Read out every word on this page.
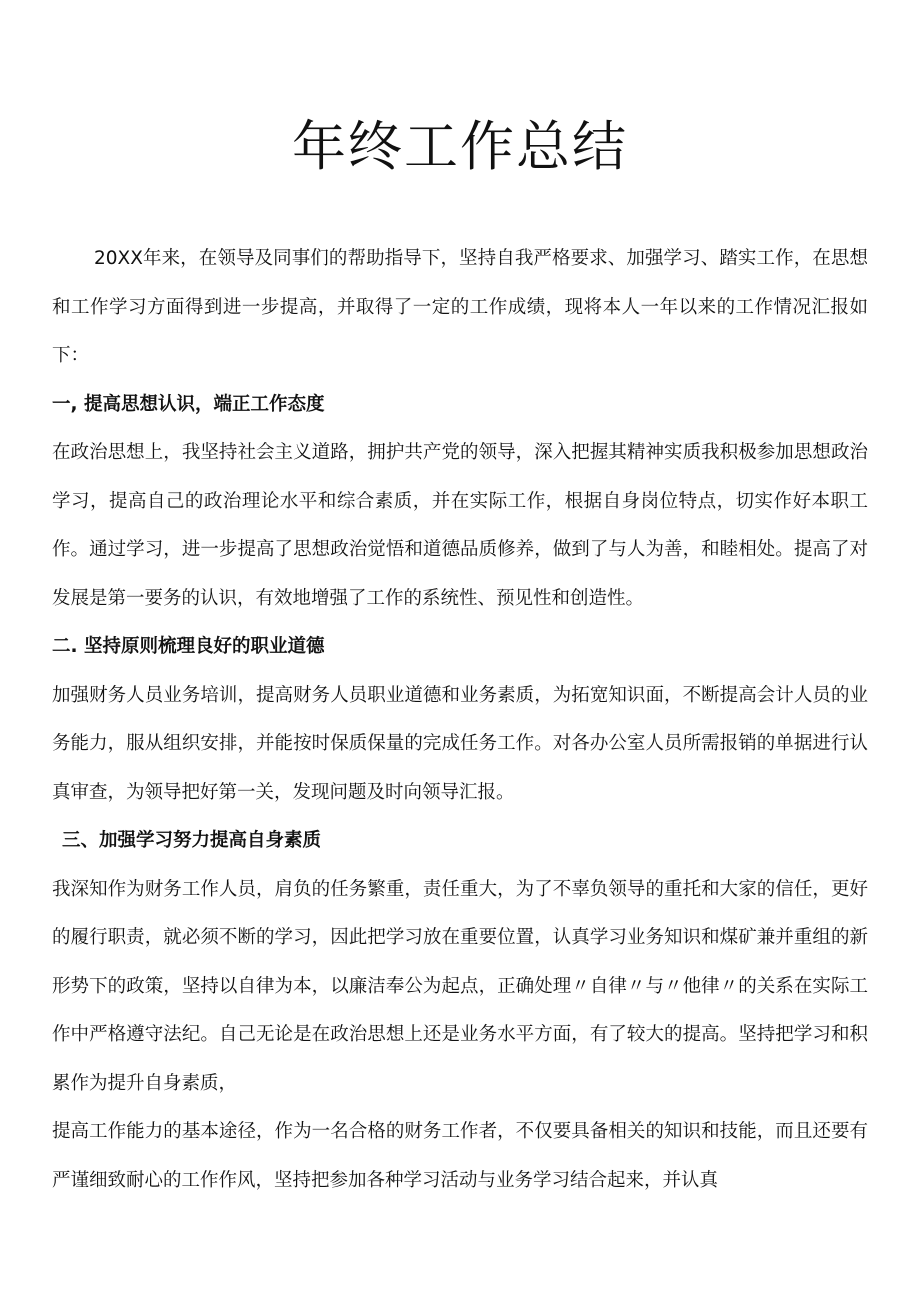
年终工作总结

20XX年来，在领导及同事们的帮助指导下，坚持自我严格要求、加强学习、踏实工作，在思想和工作学习方面得到进一步提高，并取得了一定的工作成绩，现将本人一年以来的工作情况汇报如下：

一, 提高思想认识，端正工作态度

在政治思想上，我坚持社会主义道路，拥护共产党的领导，深入把握其精神实质我积极参加思想政治学习，提高自己的政治理论水平和综合素质，并在实际工作，根据自身岗位特点，切实作好本职工作。通过学习，进一步提高了思想政治觉悟和道德品质修养，做到了与人为善，和睦相处。提高了对发展是第一要务的认识，有效地增强了工作的系统性、预见性和创造性。

二. 坚持原则梳理良好的职业道德

加强财务人员业务培训，提高财务人员职业道德和业务素质，为拓宽知识面，不断提高会计人员的业务能力，服从组织安排，并能按时保质保量的完成任务工作。对各办公室人员所需报销的单据进行认真审查，为领导把好第一关，发现问题及时向领导汇报。

三、加强学习努力提高自身素质

我深知作为财务工作人员，肩负的任务繁重，责任重大，为了不辜负领导的重托和大家的信任，更好的履行职责，就必须不断的学习，因此把学习放在重要位置，认真学习业务知识和煤矿兼并重组的新形势下的政策，坚持以自律为本，以廉洁奉公为起点，正确处理〃自律〃与〃他律〃的关系在实际工作中严格遵守法纪。自己无论是在政治思想上还是业务水平方面，有了较大的提高。坚持把学习和积累作为提升自身素质，

提高工作能力的基本途径，作为一名合格的财务工作者，不仅要具备相关的知识和技能，而且还要有严谨细致耐心的工作作风，坚持把参加各种学习活动与业务学习结合起来，并认真
